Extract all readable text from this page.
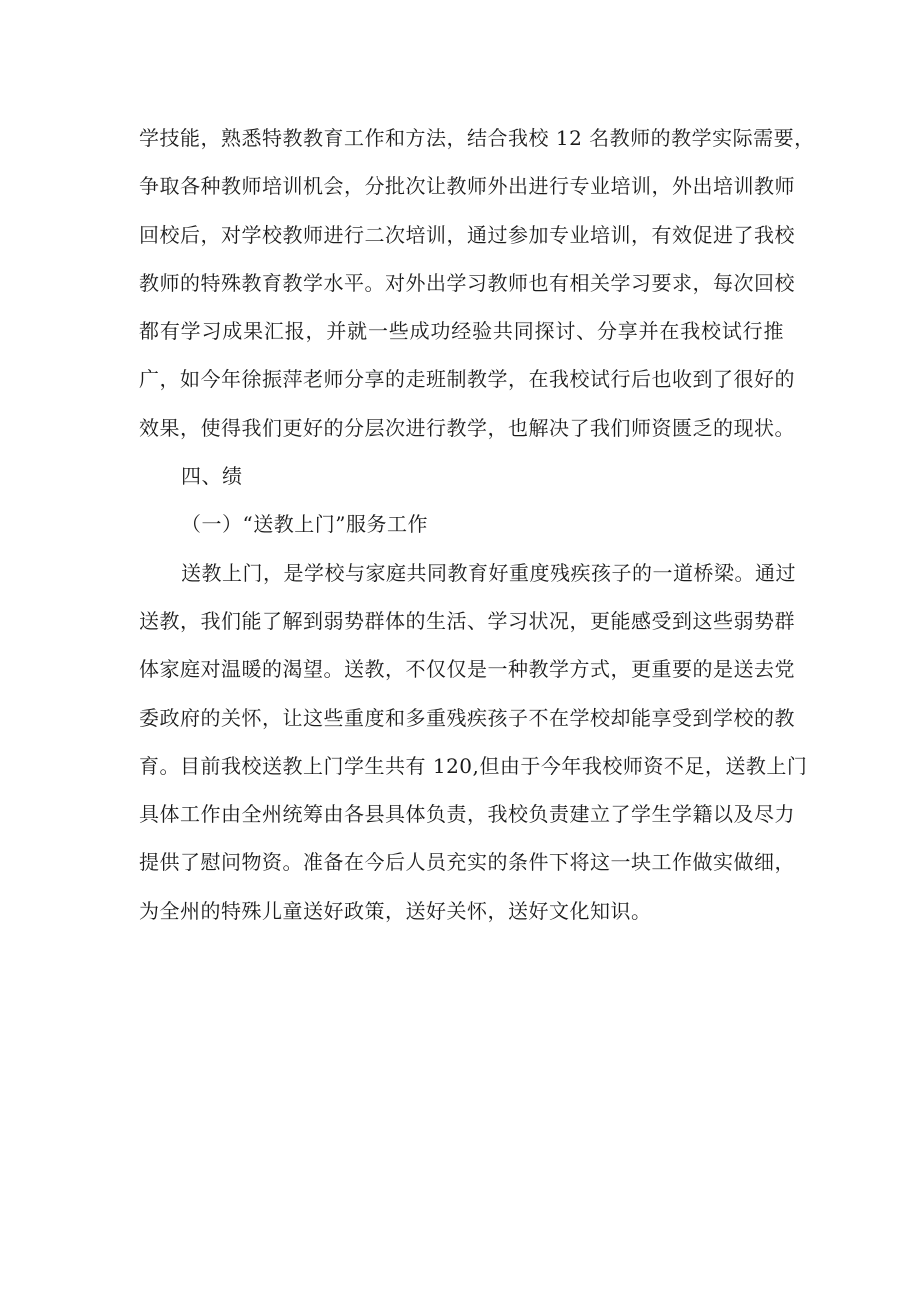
学技能，熟悉特教教育工作和方法，结合我校 12 名教师的教学实际需要，
争取各种教师培训机会，分批次让教师外出进行专业培训，外出培训教师
回校后，对学校教师进行二次培训，通过参加专业培训，有效促进了我校
教师的特殊教育教学水平。对外出学习教师也有相关学习要求，每次回校
都有学习成果汇报，并就一些成功经验共同探讨、分享并在我校试行推
广，如今年徐振萍老师分享的走班制教学，在我校试行后也收到了很好的
效果，使得我们更好的分层次进行教学，也解决了我们师资匮乏的现状。
四、绩
（一）“送教上门”服务工作
送教上门，是学校与家庭共同教育好重度残疾孩子的一道桥梁。通过
送教，我们能了解到弱势群体的生活、学习状况，更能感受到这些弱势群
体家庭对温暖的渴望。送教，不仅仅是一种教学方式，更重要的是送去党
委政府的关怀，让这些重度和多重残疾孩子不在学校却能享受到学校的教
育。目前我校送教上门学生共有 120,但由于今年我校师资不足，送教上门
具体工作由全州统筹由各县具体负责，我校负责建立了学生学籍以及尽力
提供了慰问物资。准备在今后人员充实的条件下将这一块工作做实做细，
为全州的特殊儿童送好政策，送好关怀，送好文化知识。
